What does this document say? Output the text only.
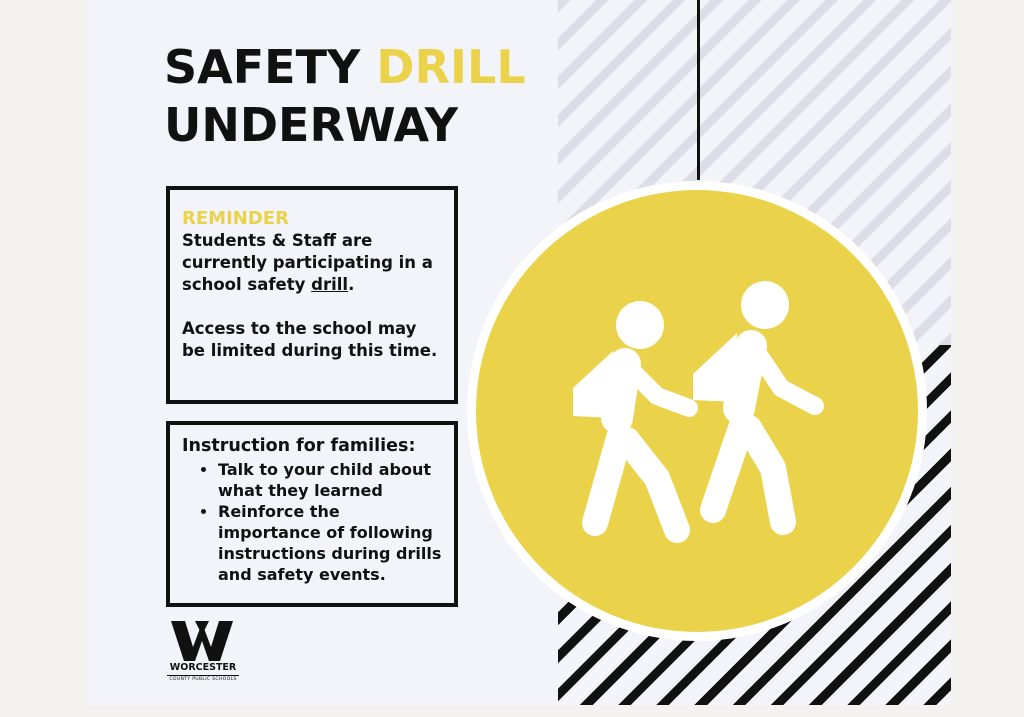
SAFETY DRILL
UNDERWAY
REMINDER
Students & Staff are currently participating in a school safety drill.
Access to the school may be limited during this time.
Instruction for families:
• Talk to your child about what they learned
• Reinforce the importance of following instructions during drills and safety events.
WORCESTER
COUNTY PUBLIC SCHOOLS
